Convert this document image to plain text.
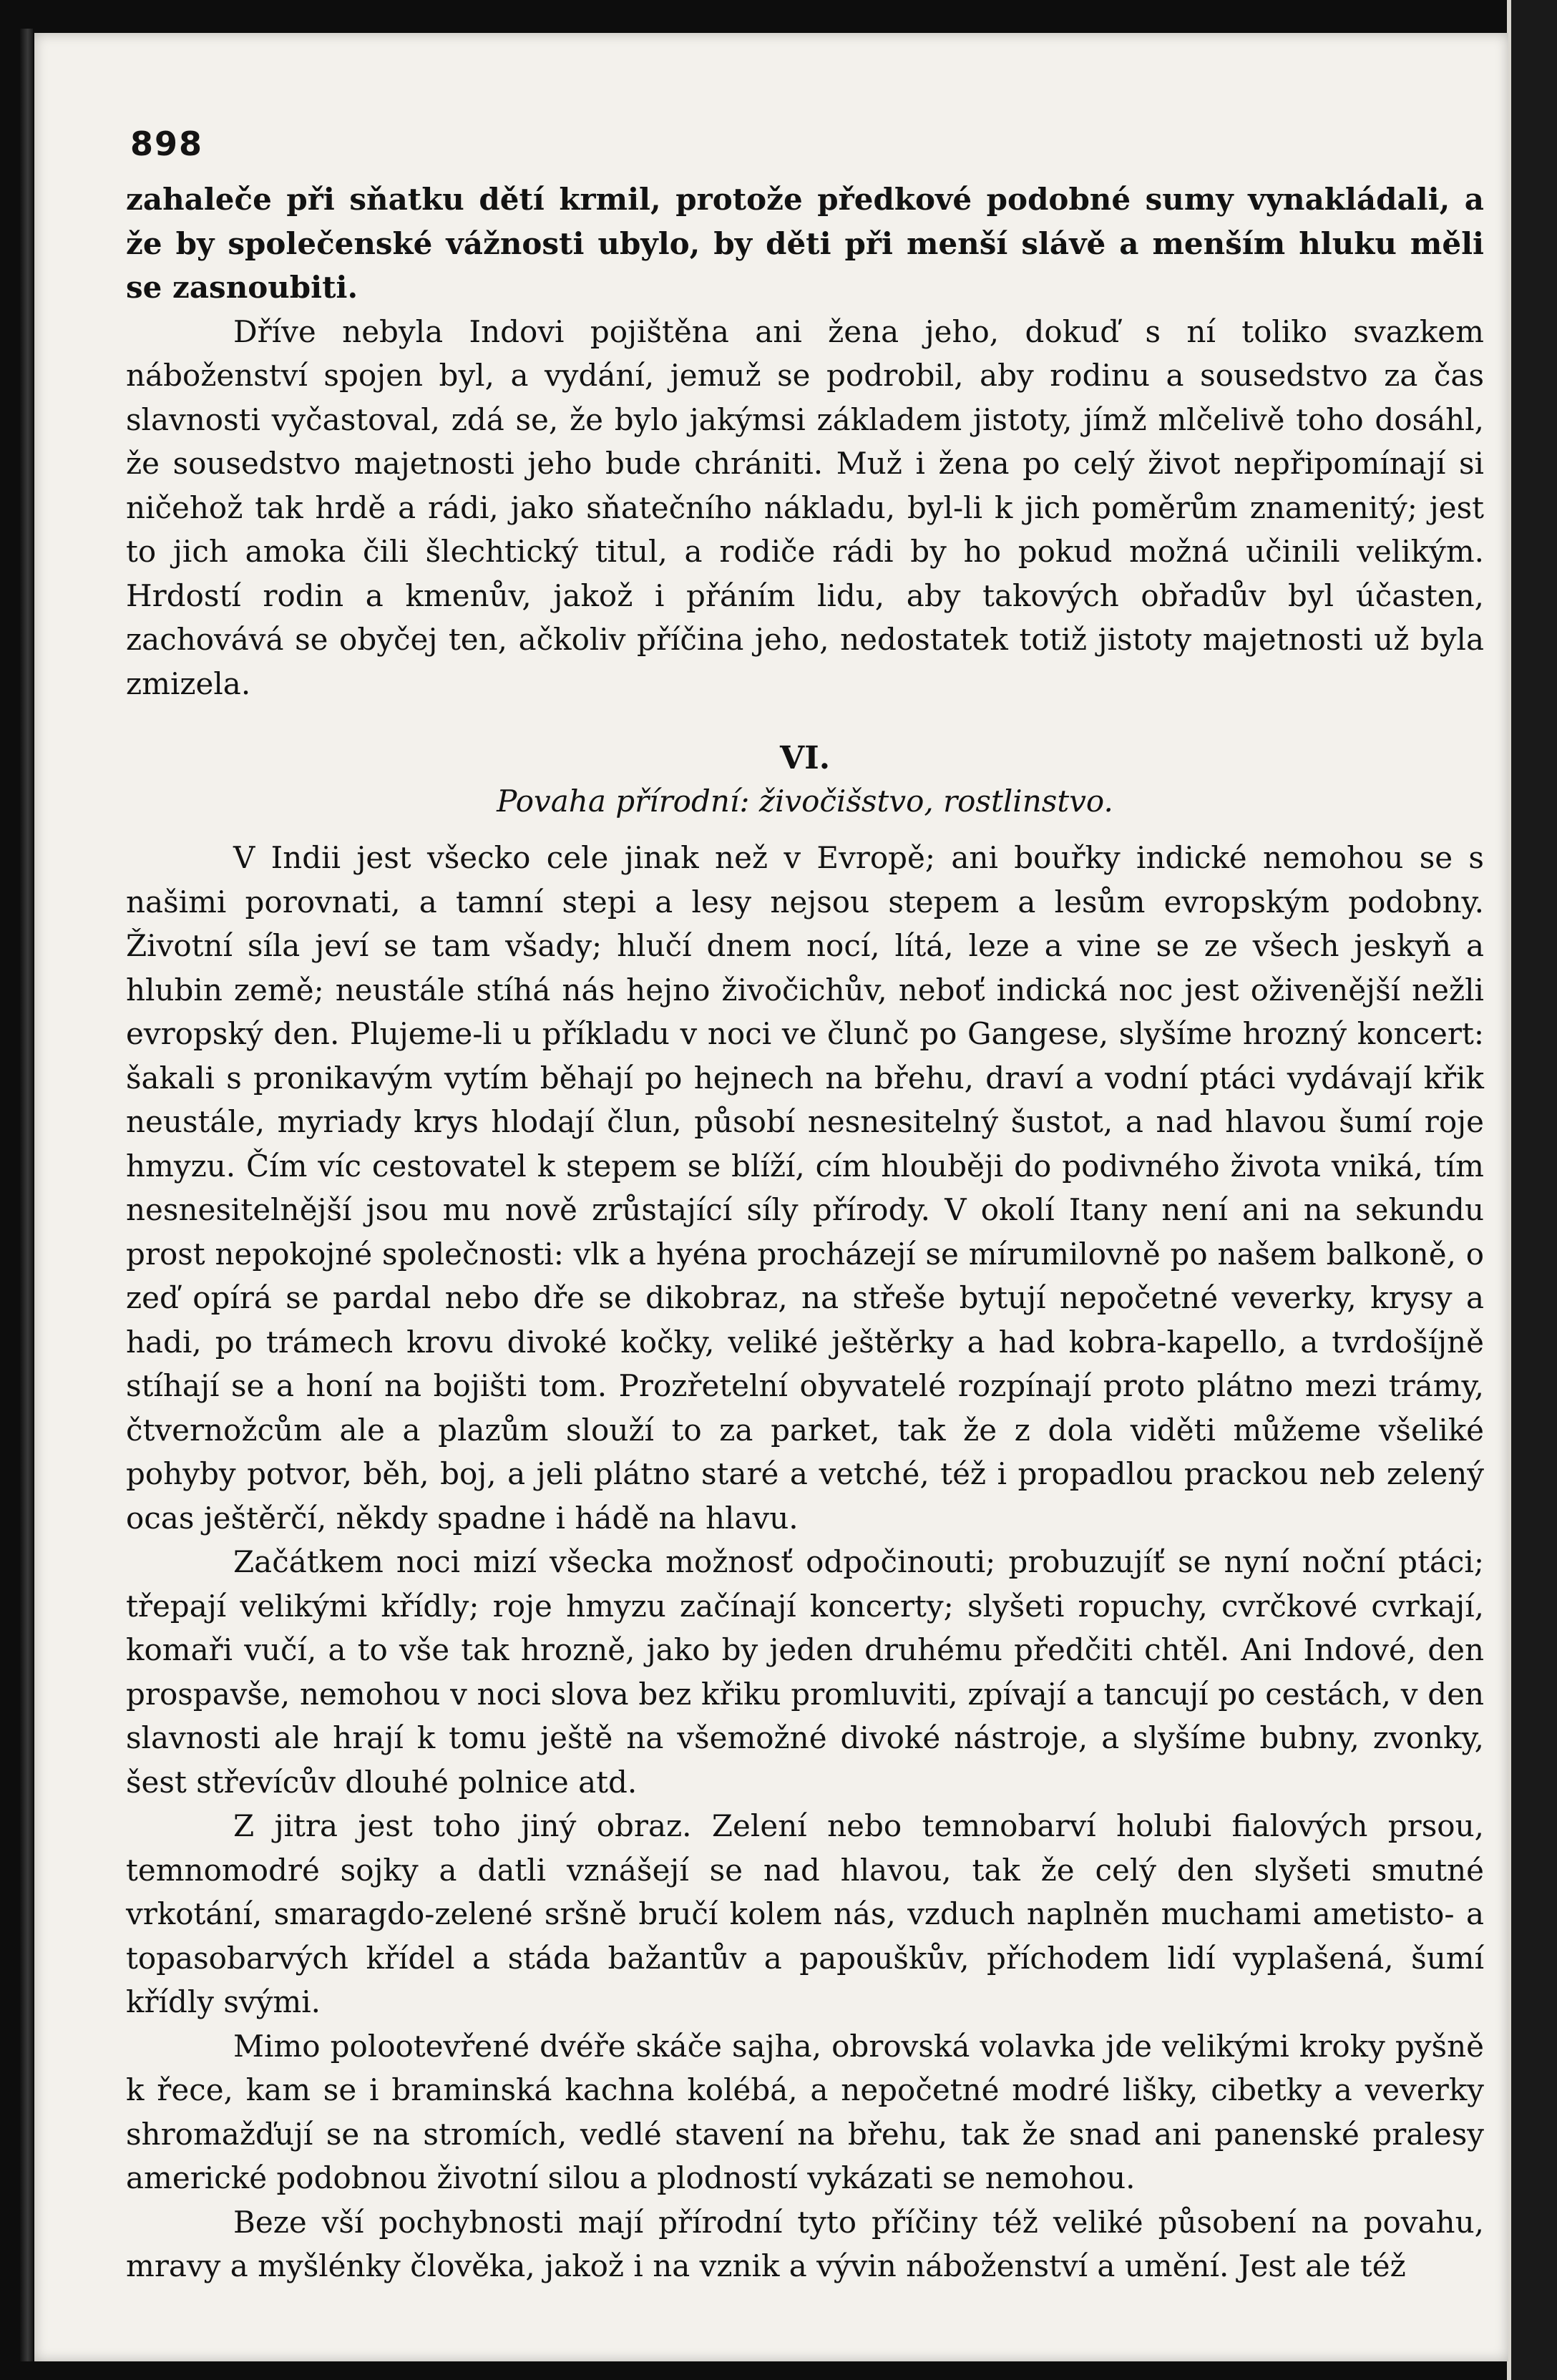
898

zahaleče při sňatku dětí krmil, protože předkové podobné sumy vynakládali, a že by společenské vážnosti ubylo, by děti při menší slávě a menším hluku měli se zasnoubiti.

Dříve nebyla Indovi pojištěna ani žena jeho, dokuď s ní toliko svazkem náboženství spojen byl, a vydání, jemuž se podrobil, aby rodinu a sousedstvo za čas slavnosti vyčastoval, zdá se, že bylo jakýmsi základem jistoty, jímž mlčelivě toho dosáhl, že sousedstvo majetnosti jeho bude chrániti. Muž i žena po celý život nepřipomínají si ničehož tak hrdě a rádi, jako sňatečního nákladu, byl-li k jich poměrům znamenitý; jest to jich amoka čili šlechtický titul, a rodiče rádi by ho pokud možná učinili velikým. Hrdostí rodin a kmenův, jakož i přáním lidu, aby takových obřadův byl účasten, zachovává se obyčej ten, ačkoliv příčina jeho, nedostatek totiž jistoty majetnosti už byla zmizela.

VI.
Povaha přírodní: živočišstvo, rostlinstvo.

V Indii jest všecko cele jinak než v Evropě; ani bouřky indické nemohou se s našimi porovnati, a tamní stepi a lesy nejsou stepem a lesům evropským podobny. Životní síla jeví se tam všady; hlučí dnem nocí, lítá, leze a vine se ze všech jeskyň a hlubin země; neustále stíhá nás hejno živočichův, neboť indická noc jest oživenější nežli evropský den. Plujeme-li u příkladu v noci ve člunč po Gangese, slyšíme hrozný koncert: šakali s pronikavým vytím běhají po hejnech na břehu, draví a vodní ptáci vydávají křik neustále, myriady krys hlodají člun, působí nesnesitelný šustot, a nad hlavou šumí roje hmyzu. Čím víc cestovatel k stepem se blíží, cím hlouběji do podivného života vniká, tím nesnesitelnější jsou mu nově zrůstající síly přírody. V okolí Itany není ani na sekundu prost nepokojné společnosti: vlk a hyéna procházejí se mírumilovně po našem balkoně, o zeď opírá se pardal nebo dře se dikobraz, na střeše bytují nepočetné veverky, krysy a hadi, po trámech krovu divoké kočky, veliké ještěrky a had kobra-kapello, a tvrdošíjně stíhají se a honí na bojišti tom. Prozřetelní obyvatelé rozpínají proto plátno mezi trámy, čtvernožcům ale a plazům slouží to za parket, tak že z dola viděti můžeme všeliké pohyby potvor, běh, boj, a jeli plátno staré a vetché, též i propadlou prackou neb zelený ocas ještěrčí, někdy spadne i hádě na hlavu.

Začátkem noci mizí všecka možnosť odpočinouti; probuzujíť se nyní noční ptáci; třepají velikými křídly; roje hmyzu začínají koncerty; slyšeti ropuchy, cvrčkové cvrkají, komaři vučí, a to vše tak hrozně, jako by jeden druhému předčiti chtěl. Ani Indové, den prospavše, nemohou v noci slova bez křiku promluviti, zpívají a tancují po cestách, v den slavnosti ale hrají k tomu ještě na všemožné divoké nástroje, a slyšíme bubny, zvonky, šest střevícův dlouhé polnice atd.

Z jitra jest toho jiný obraz. Zelení nebo temnobarví holubi fialových prsou, temnomodré sojky a datli vznášejí se nad hlavou, tak že celý den slyšeti smutné vrkotání, smaragdo-zelené sršně bručí kolem nás, vzduch naplněn muchami ametisto- a topasobarvých křídel a stáda bažantův a papouškův, příchodem lidí vyplašená, šumí křídly svými.

Mimo polootevřené dvéře skáče sajha, obrovská volavka jde velikými kroky pyšně k řece, kam se i braminská kachna kolébá, a nepočetné modré lišky, cibetky a veverky shromažďují se na stromích, vedlé stavení na břehu, tak že snad ani panenské pralesy americké podobnou životní silou a plodností vykázati se nemohou.

Beze vší pochybnosti mají přírodní tyto příčiny též veliké působení na povahu, mravy a myšlénky člověka, jakož i na vznik a vývin náboženství a umění. Jest ale též
